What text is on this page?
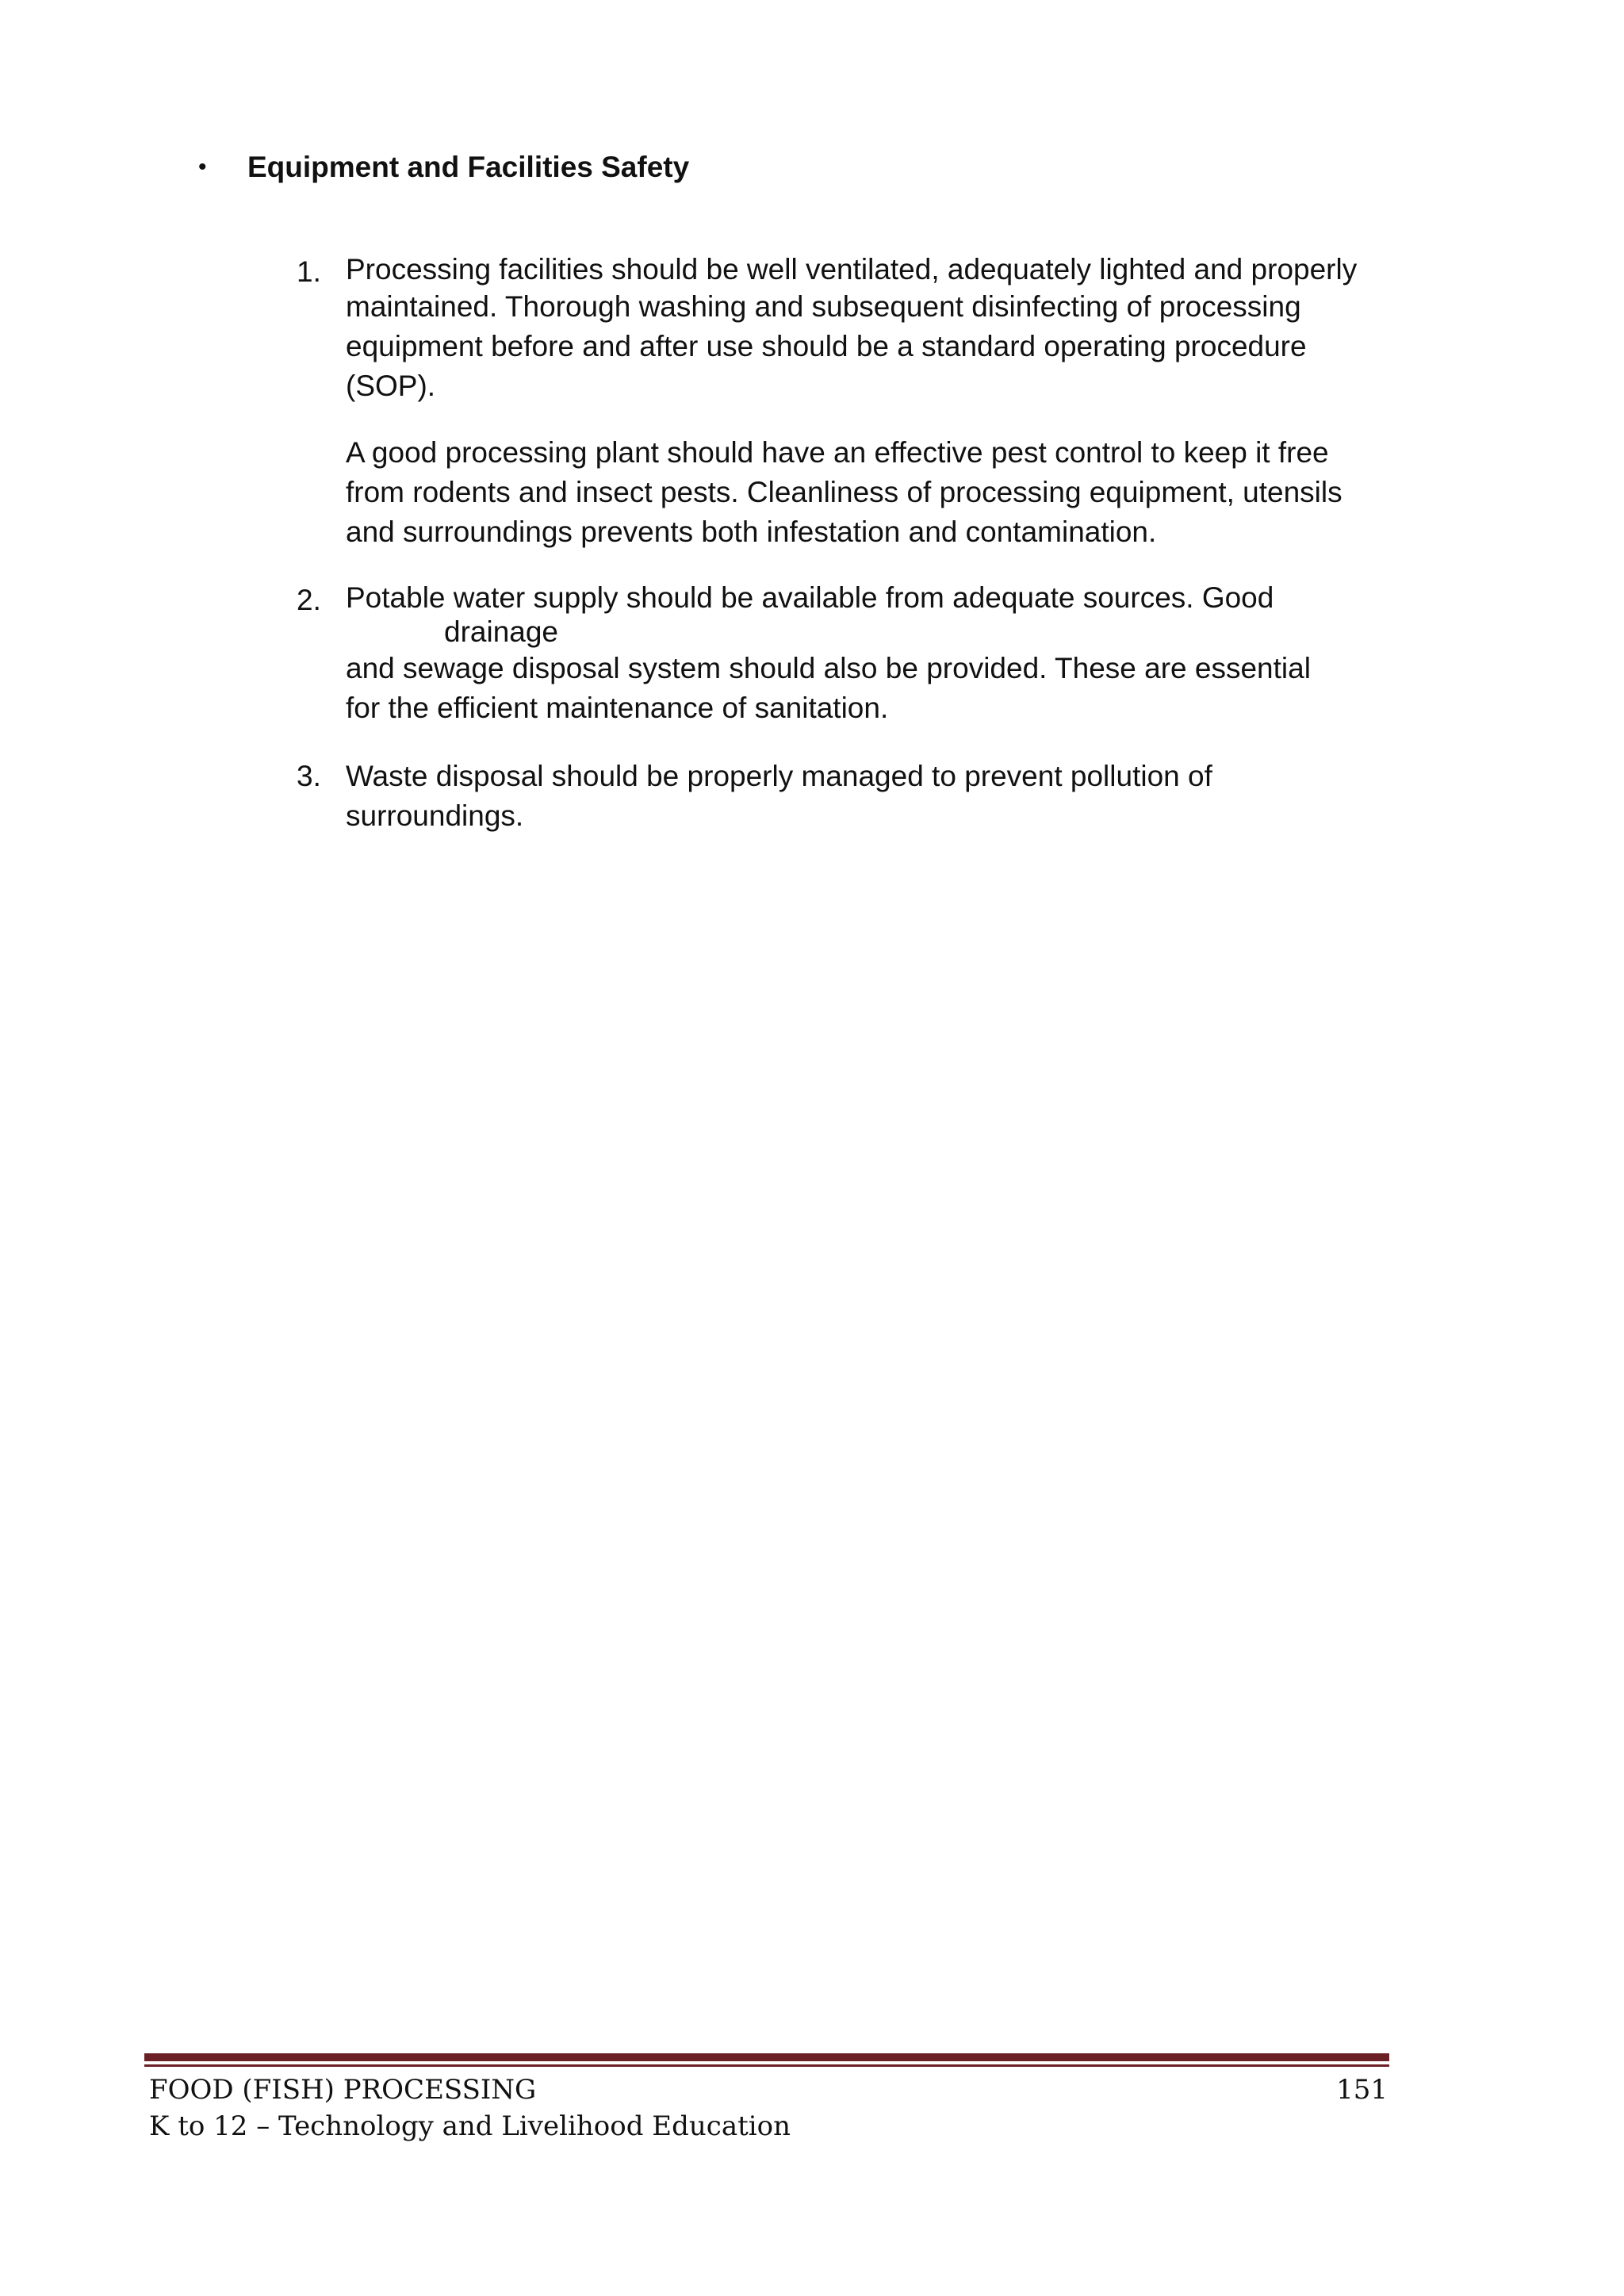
• Equipment and Facilities Safety
1. Processing facilities should be well ventilated, adequately lighted and properly
maintained. Thorough washing and subsequent disinfecting of processing
equipment before and after use should be a standard operating procedure
(SOP).
A good processing plant should have an effective pest control to keep it free
from rodents and insect pests. Cleanliness of processing equipment, utensils
and surroundings prevents both infestation and contamination.
2. Potable water supply should be available from adequate sources. Good
drainage
and sewage disposal system should also be provided. These are essential
for the efficient maintenance of sanitation.
3. Waste disposal should be properly managed to prevent pollution of
surroundings.
FOOD (FISH) PROCESSING	151
K to 12 – Technology and Livelihood Education
